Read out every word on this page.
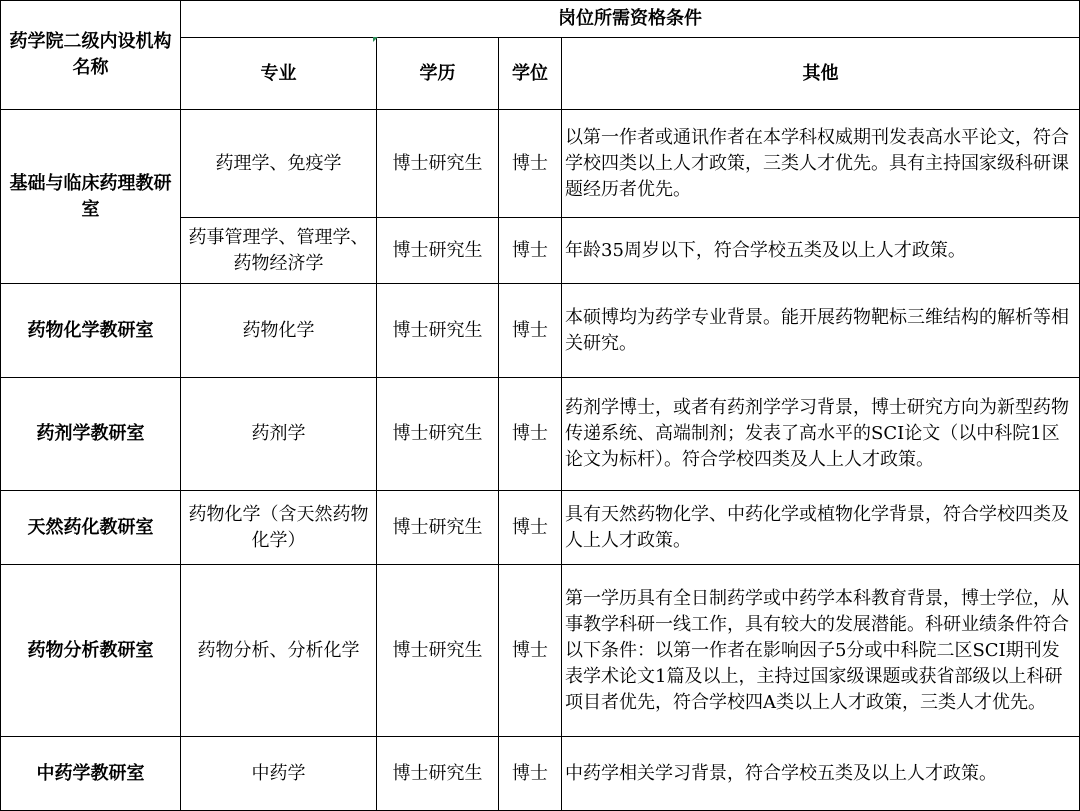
药学院二级内设机构名称	岗位所需资格条件			
	专业	学历	学位	其他
基础与临床药理教研室	药理学、免疫学	博士研究生	博士	以第一作者或通讯作者在本学科权威期刊发表高水平论文，符合学校四类以上人才政策，三类人才优先。具有主持国家级科研课题经历者优先。
	药事管理学、管理学、药物经济学	博士研究生	博士	年龄35周岁以下，符合学校五类及以上人才政策。
药物化学教研室	药物化学	博士研究生	博士	本硕博均为药学专业背景。能开展药物靶标三维结构的解析等相关研究。
药剂学教研室	药剂学	博士研究生	博士	药剂学博士，或者有药剂学学习背景，博士研究方向为新型药物传递系统、高端制剂；发表了高水平的SCI论文（以中科院1区论文为标杆）。符合学校四类及人上人才政策。
天然药化教研室	药物化学（含天然药物化学）	博士研究生	博士	具有天然药物化学、中药化学或植物化学背景，符合学校四类及人上人才政策。
药物分析教研室	药物分析、分析化学	博士研究生	博士	第一学历具有全日制药学或中药学本科教育背景，博士学位，从事教学科研一线工作，具有较大的发展潜能。科研业绩条件符合以下条件：以第一作者在影响因子5分或中科院二区SCI期刊发表学术论文1篇及以上，主持过国家级课题或获省部级以上科研项目者优先，符合学校四A类以上人才政策，三类人才优先。
中药学教研室	中药学	博士研究生	博士	中药学相关学习背景，符合学校五类及以上人才政策。
